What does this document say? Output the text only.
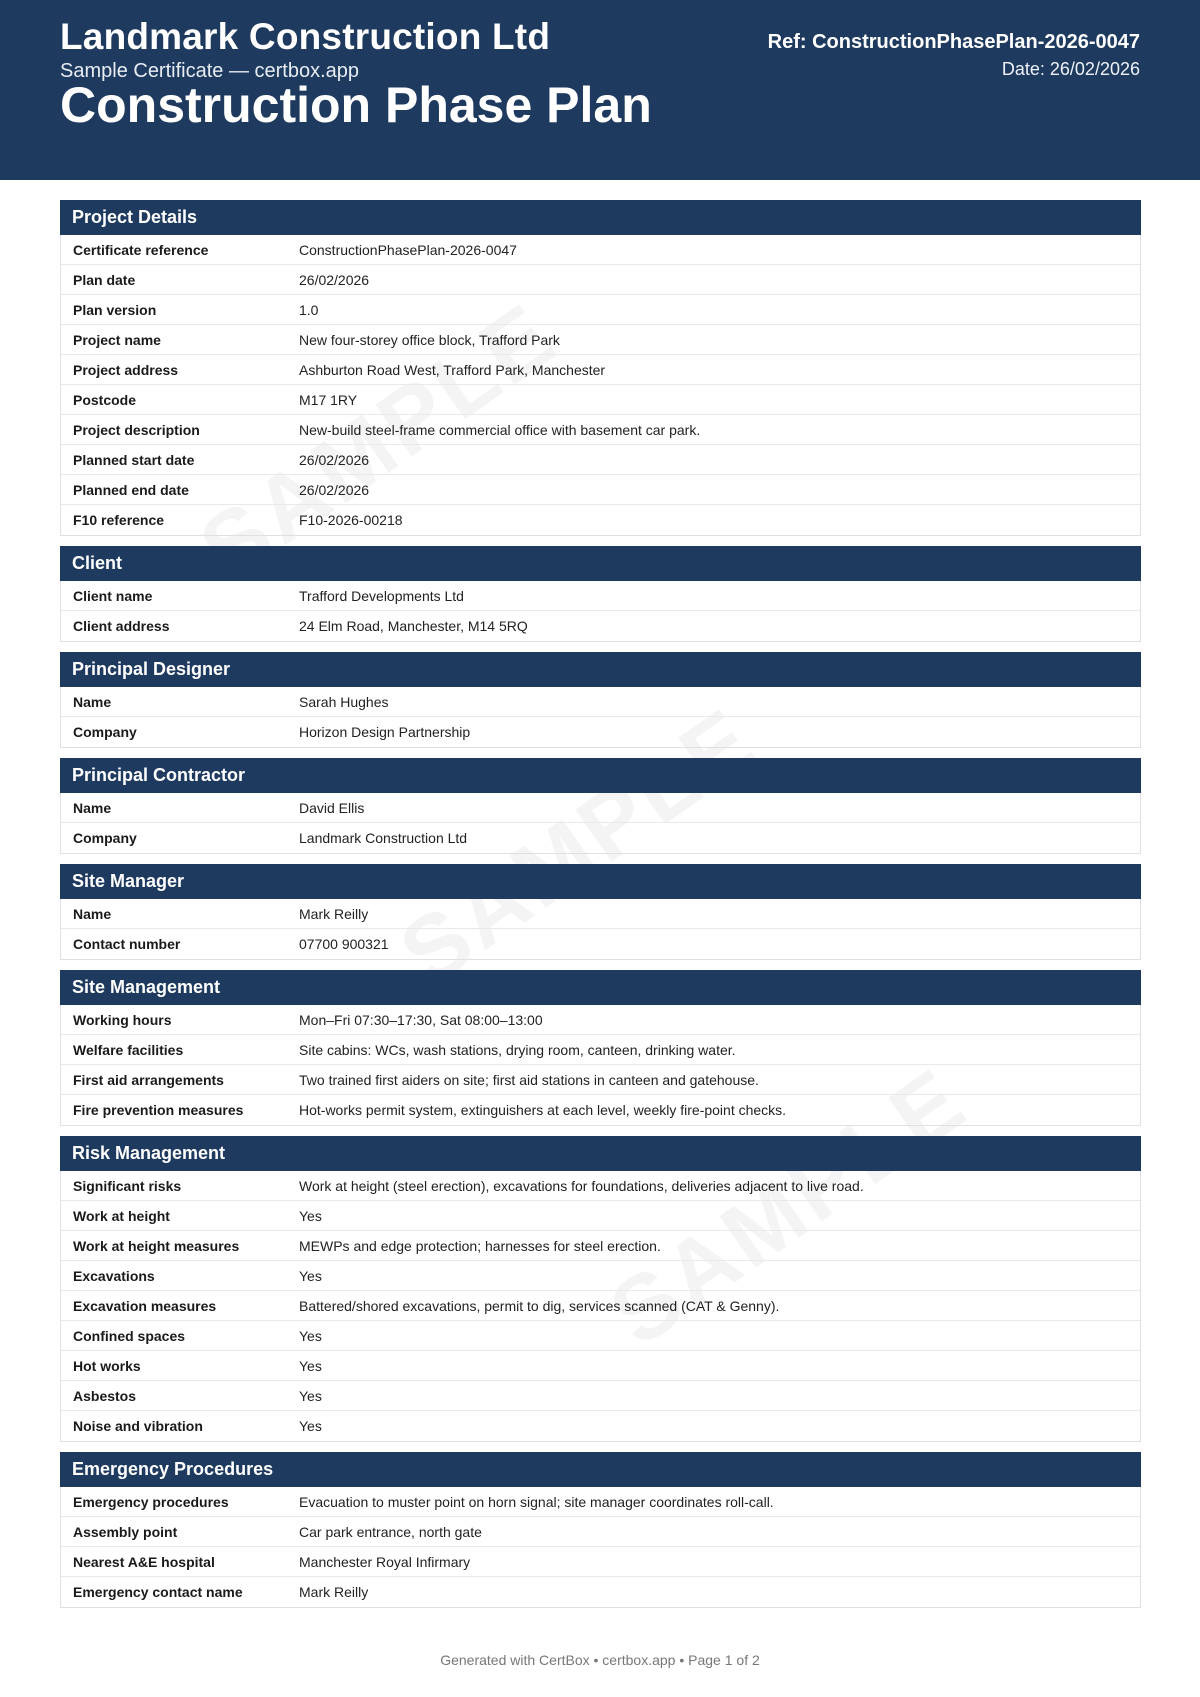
Landmark Construction Ltd
Sample Certificate — certbox.app
Construction Phase Plan
Ref: ConstructionPhasePlan-2026-0047
Date: 26/02/2026
Project Details
Certificate reference	ConstructionPhasePlan-2026-0047
Plan date	26/02/2026
Plan version	1.0
Project name	New four-storey office block, Trafford Park
Project address	Ashburton Road West, Trafford Park, Manchester
Postcode	M17 1RY
Project description	New-build steel-frame commercial office with basement car park.
Planned start date	26/02/2026
Planned end date	26/02/2026
F10 reference	F10-2026-00218
Client
Client name	Trafford Developments Ltd
Client address	24 Elm Road, Manchester, M14 5RQ
Principal Designer
Name	Sarah Hughes
Company	Horizon Design Partnership
Principal Contractor
Name	David Ellis
Company	Landmark Construction Ltd
Site Manager
Name	Mark Reilly
Contact number	07700 900321
Site Management
Working hours	Mon–Fri 07:30–17:30, Sat 08:00–13:00
Welfare facilities	Site cabins: WCs, wash stations, drying room, canteen, drinking water.
First aid arrangements	Two trained first aiders on site; first aid stations in canteen and gatehouse.
Fire prevention measures	Hot-works permit system, extinguishers at each level, weekly fire-point checks.
Risk Management
Significant risks	Work at height (steel erection), excavations for foundations, deliveries adjacent to live road.
Work at height	Yes
Work at height measures	MEWPs and edge protection; harnesses for steel erection.
Excavations	Yes
Excavation measures	Battered/shored excavations, permit to dig, services scanned (CAT & Genny).
Confined spaces	Yes
Hot works	Yes
Asbestos	Yes
Noise and vibration	Yes
Emergency Procedures
Emergency procedures	Evacuation to muster point on horn signal; site manager coordinates roll-call.
Assembly point	Car park entrance, north gate
Nearest A&E hospital	Manchester Royal Infirmary
Emergency contact name	Mark Reilly
Generated with CertBox • certbox.app • Page 1 of 2
